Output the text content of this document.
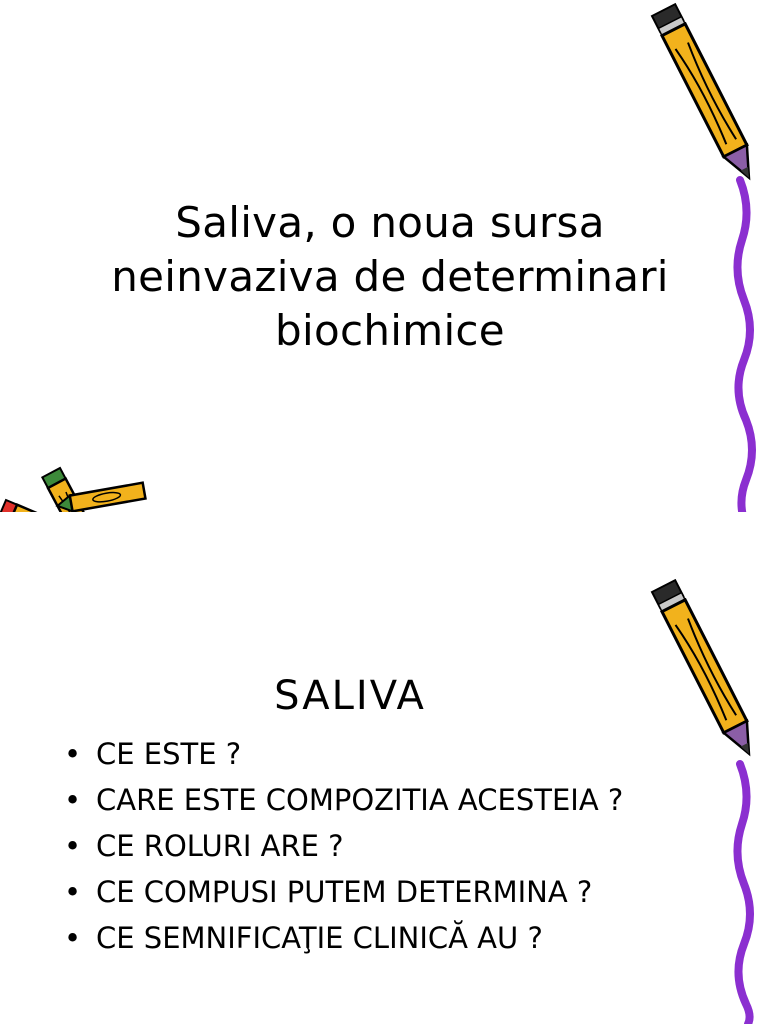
Saliva, o noua sursa neinvaziva de determinari biochimice
SALIVA
• CE ESTE ?
• CARE ESTE COMPOZITIA ACESTEIA ?
• CE ROLURI ARE ?
• CE COMPUSI PUTEM DETERMINA ?
• CE SEMNIFICAŢIE CLINICĂ AU ?
